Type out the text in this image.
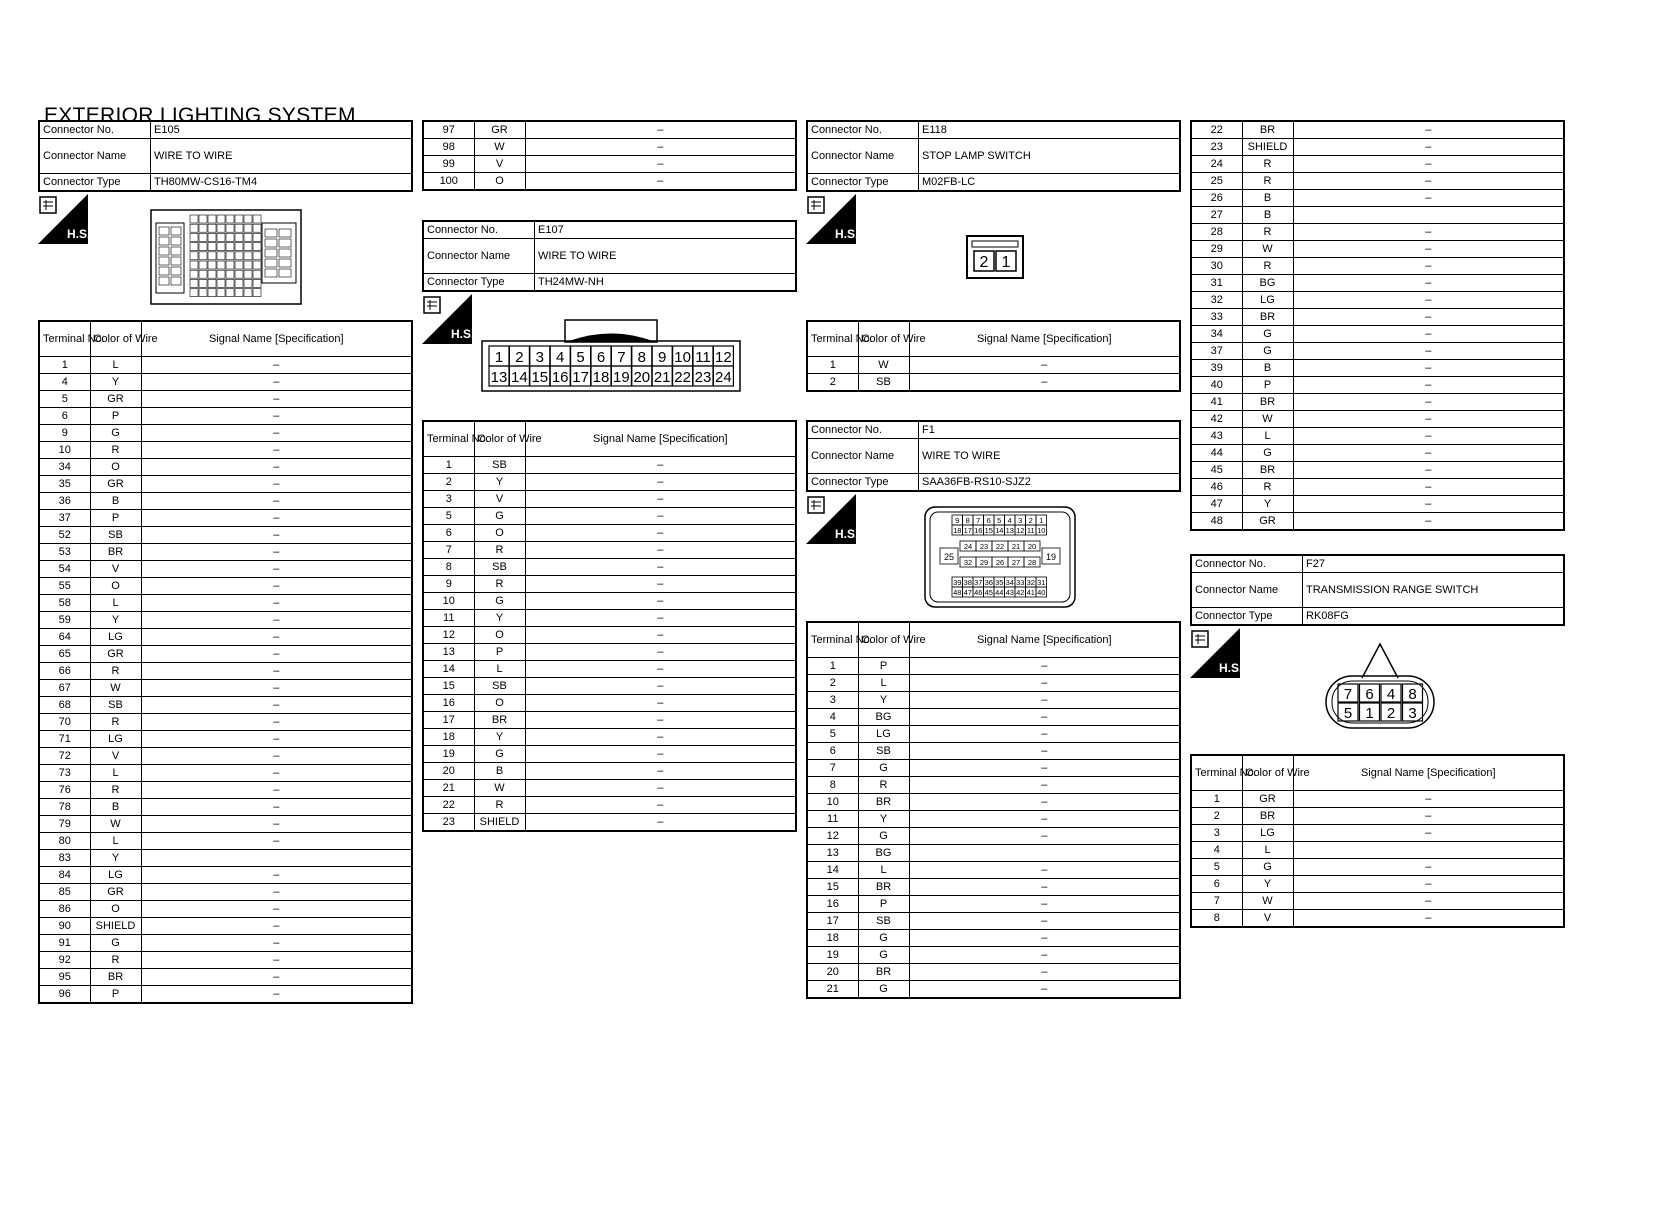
EXTERIOR LIGHTING SYSTEM
Connector No.	E105
Connector Name	WIRE TO WIRE
Connector Type	TH80MW-CS16-TM4
H.S.
Terminal No.	Color of Wire	Signal Name [Specification]
1	L	–
4	Y	–
5	GR	–
6	P	–
9	G	–
10	R	–
34	O	–
35	GR	–
36	B	–
37	P	–
52	SB	–
53	BR	–
54	V	–
55	O	–
58	L	–
59	Y	–
64	LG	–
65	GR	–
66	R	–
67	W	–
68	SB	–
70	R	–
71	LG	–
72	V	–
73	L	–
76	R	–
78	B	–
79	W	–
80	L	–
83	Y	
84	LG	–
85	GR	–
86	O	–
90	SHIELD	–
91	G	–
92	R	–
95	BR	–
96	P	–
97	GR	–
98	W	–
99	V	–
100	O	–
Connector No.	E107
Connector Name	WIRE TO WIRE
Connector Type	TH24MW-NH
H.S.
1 2 3 4 5 6 7 8 9 10 11 12
13 14 15 16 17 18 19 20 21 22 23 24
Terminal No.	Color of Wire	Signal Name [Specification]
1	SB	–
2	Y	–
3	V	–
5	G	–
6	O	–
7	R	–
8	SB	–
9	R	–
10	G	–
11	Y	–
12	O	–
13	P	–
14	L	–
15	SB	–
16	O	–
17	BR	–
18	Y	–
19	G	–
20	B	–
21	W	–
22	R	–
23	SHIELD	–
Connector No.	E118
Connector Name	STOP LAMP SWITCH
Connector Type	M02FB-LC
H.S.
2 1
Terminal No.	Color of Wire	Signal Name [Specification]
1	W	–
2	SB	–
Connector No.	F1
Connector Name	WIRE TO WIRE
Connector Type	SAA36FB-RS10-SJZ2
H.S.
9 8 7 6 5 4 3 2 1
18 17 16 15 14 13 12 11 10
24 23 22 21 20
32 29 26 27 28
39 38 37 36 35 34 33 32 31
48 47 46 45 44 43 42 41 40
25	19
Terminal No.	Color of Wire	Signal Name [Specification]
1	P	–
2	L	–
3	Y	–
4	BG	–
5	LG	–
6	SB	–
7	G	–
8	R	–
10	BR	–
11	Y	–
12	G	–
13	BG	
14	L	–
15	BR	–
16	P	–
17	SB	–
18	G	–
19	G	–
20	BR	–
21	G	–
22	BR	–
23	SHIELD	–
24	R	–
25	R	–
26	B	–
27	B	
28	R	–
29	W	–
30	R	–
31	BG	–
32	LG	–
33	BR	–
34	G	–
37	G	–
39	B	–
40	P	–
41	BR	–
42	W	–
43	L	–
44	G	–
45	BR	–
46	R	–
47	Y	–
48	GR	–
Connector No.	F27
Connector Name	TRANSMISSION RANGE SWITCH
Connector Type	RK08FG
H.S.
7 6 4 8
5 1 2 3
Terminal No.	Color of Wire	Signal Name [Specification]
1	GR	–
2	BR	–
3	LG	–
4	L	
5	G	–
6	Y	–
7	W	–
8	V	–
